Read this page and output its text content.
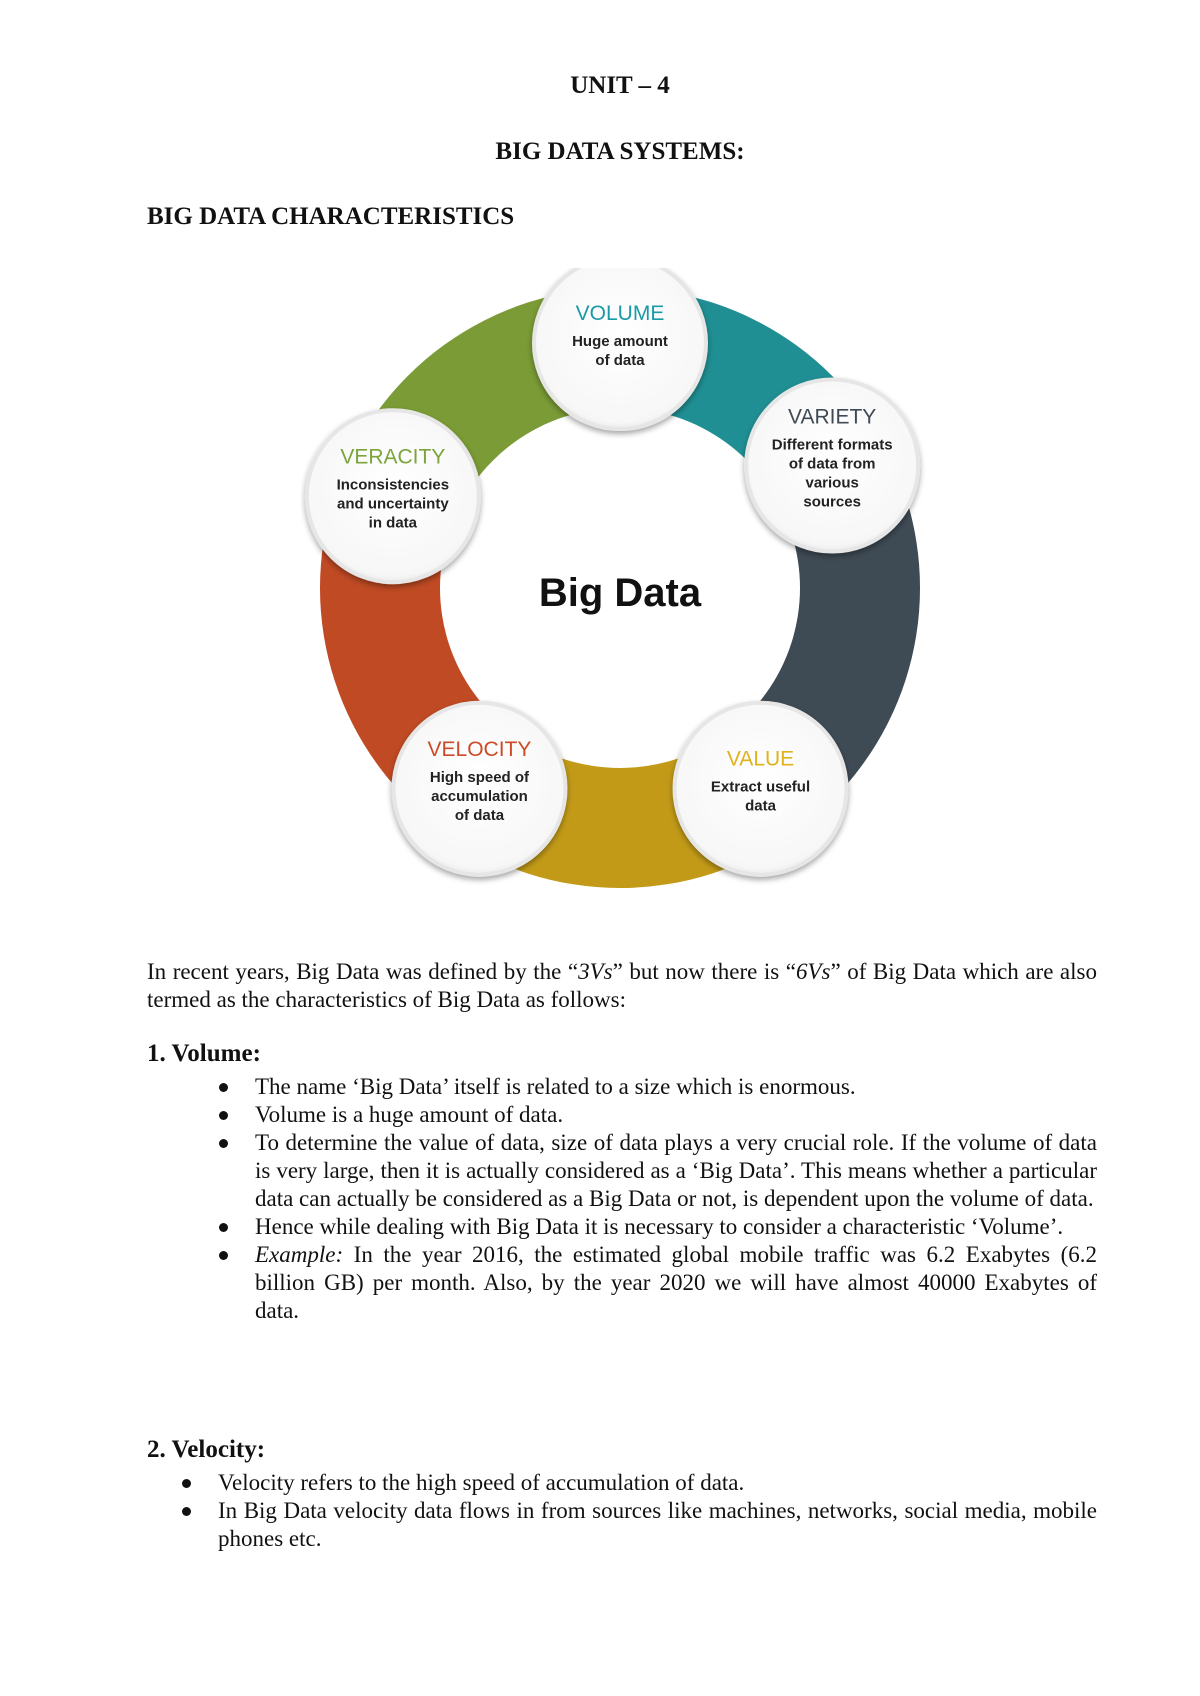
UNIT – 4
BIG DATA SYSTEMS:
BIG DATA CHARACTERISTICS
Big Data
VOLUME
Huge amount
of data
VARIETY
Different formats
of data from
various
sources
VALUE
Extract useful
data
VELOCITY
High speed of
accumulation
of data
VERACITY
Inconsistencies
and uncertainty
in data

In recent years, Big Data was defined by the “3Vs” but now there is “6Vs” of Big Data which are also termed as the characteristics of Big Data as follows:

1. Volume:
The name ‘Big Data’ itself is related to a size which is enormous.
Volume is a huge amount of data.
To determine the value of data, size of data plays a very crucial role. If the volume of data is very large, then it is actually considered as a ‘Big Data’. This means whether a particular data can actually be considered as a Big Data or not, is dependent upon the volume of data.
Hence while dealing with Big Data it is necessary to consider a characteristic ‘Volume’.
Example: In the year 2016, the estimated global mobile traffic was 6.2 Exabytes (6.2 billion GB) per month. Also, by the year 2020 we will have almost 40000 Exabytes of data.
2. Velocity:
Velocity refers to the high speed of accumulation of data.
In Big Data velocity data flows in from sources like machines, networks, social media, mobile phones etc.
